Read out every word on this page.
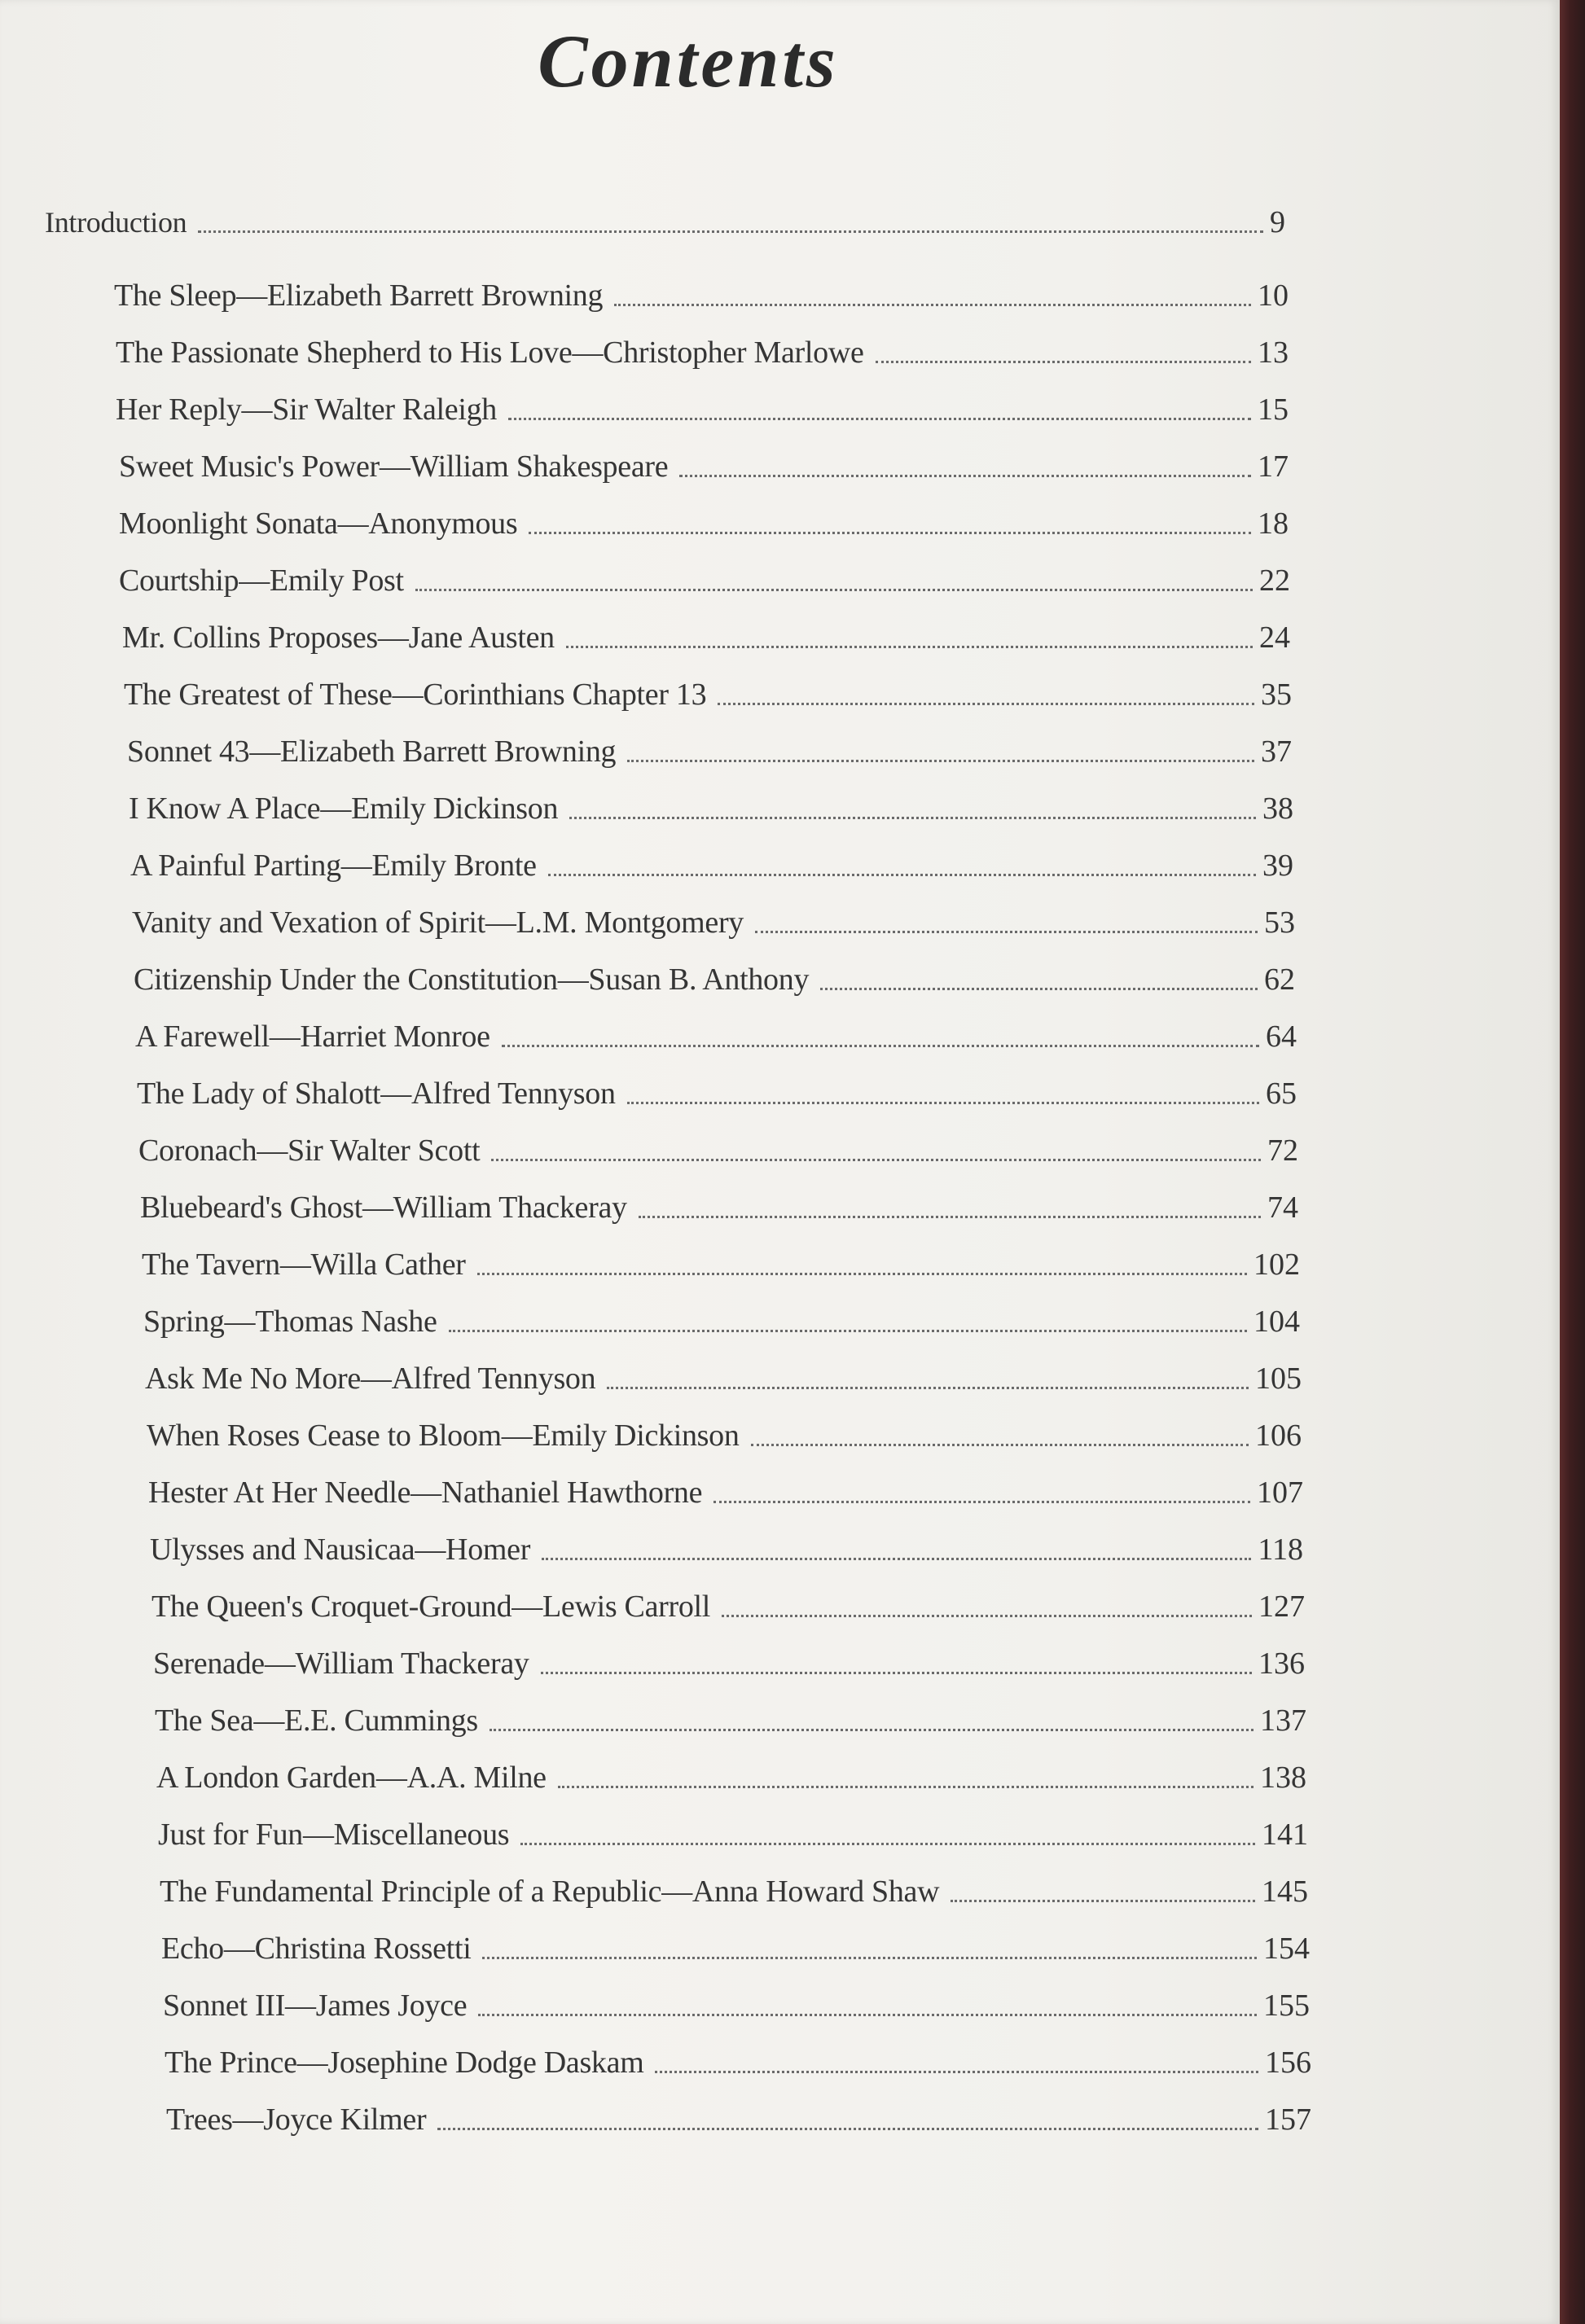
Contents
Introduction	9
The Sleep—Elizabeth Barrett Browning	10
The Passionate Shepherd to His Love—Christopher Marlowe	13
Her Reply—Sir Walter Raleigh	15
Sweet Music's Power—William Shakespeare	17
Moonlight Sonata—Anonymous	18
Courtship—Emily Post	22
Mr. Collins Proposes—Jane Austen	24
The Greatest of These—Corinthians Chapter 13	35
Sonnet 43—Elizabeth Barrett Browning	37
I Know A Place—Emily Dickinson	38
A Painful Parting—Emily Bronte	39
Vanity and Vexation of Spirit—L.M. Montgomery	53
Citizenship Under the Constitution—Susan B. Anthony	62
A Farewell—Harriet Monroe	64
The Lady of Shalott—Alfred Tennyson	65
Coronach—Sir Walter Scott	72
Bluebeard's Ghost—William Thackeray	74
The Tavern—Willa Cather	102
Spring—Thomas Nashe	104
Ask Me No More—Alfred Tennyson	105
When Roses Cease to Bloom—Emily Dickinson	106
Hester At Her Needle—Nathaniel Hawthorne	107
Ulysses and Nausicaa—Homer	118
The Queen's Croquet-Ground—Lewis Carroll	127
Serenade—William Thackeray	136
The Sea—E.E. Cummings	137
A London Garden—A.A. Milne	138
Just for Fun—Miscellaneous	141
The Fundamental Principle of a Republic—Anna Howard Shaw	145
Echo—Christina Rossetti	154
Sonnet III—James Joyce	155
The Prince—Josephine Dodge Daskam	156
Trees—Joyce Kilmer	157
